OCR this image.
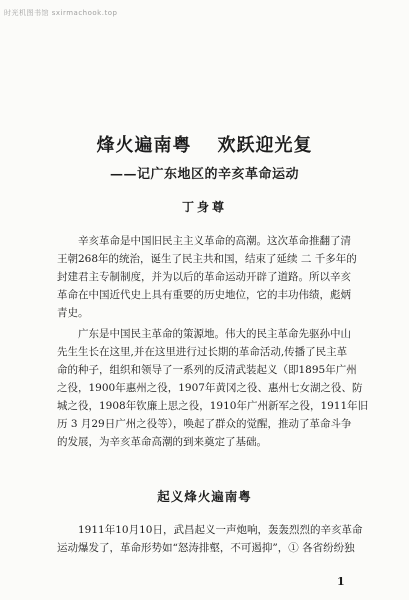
时光机图书馆 sxirmachook.top
烽火遍南粤 欢跃迎光复
——记广东地区的辛亥革命运动
丁身尊
辛亥革命是中国旧民主主义革命的高潮。这次革命推翻了清
王朝268年的统治，诞生了民主共和国，结束了延续 二 千多年的
封建君主专制制度，并为以后的革命运动开辟了道路。所以辛亥
革命在中国近代史上具有重要的历史地位，它的丰功伟绩，彪炳
青史。
广东是中国民主革命的策源地。伟大的民主革命先驱孙中山
先生生长在这里,并在这里进行过长期的革命活动,传播了民主革
命的种子，组织和领导了一系列的反清武装起义（即1895年广州
之役，1900年惠州之役，1907年黄冈之役、惠州七女湖之役、防
城之役，1908年钦廉上思之役，1910年广州新军之役，1911年旧
历 3 月29日广州之役等），唤起了群众的觉醒，推动了革命斗争
的发展，为辛亥革命高潮的到来奠定了基础。
起义烽火遍南粤
1911年10月10日，武昌起义一声炮响，轰轰烈烈的辛亥革命
运动爆发了，革命形势如“怒涛排壑，不可遏抑”，① 各省纷纷独
1
